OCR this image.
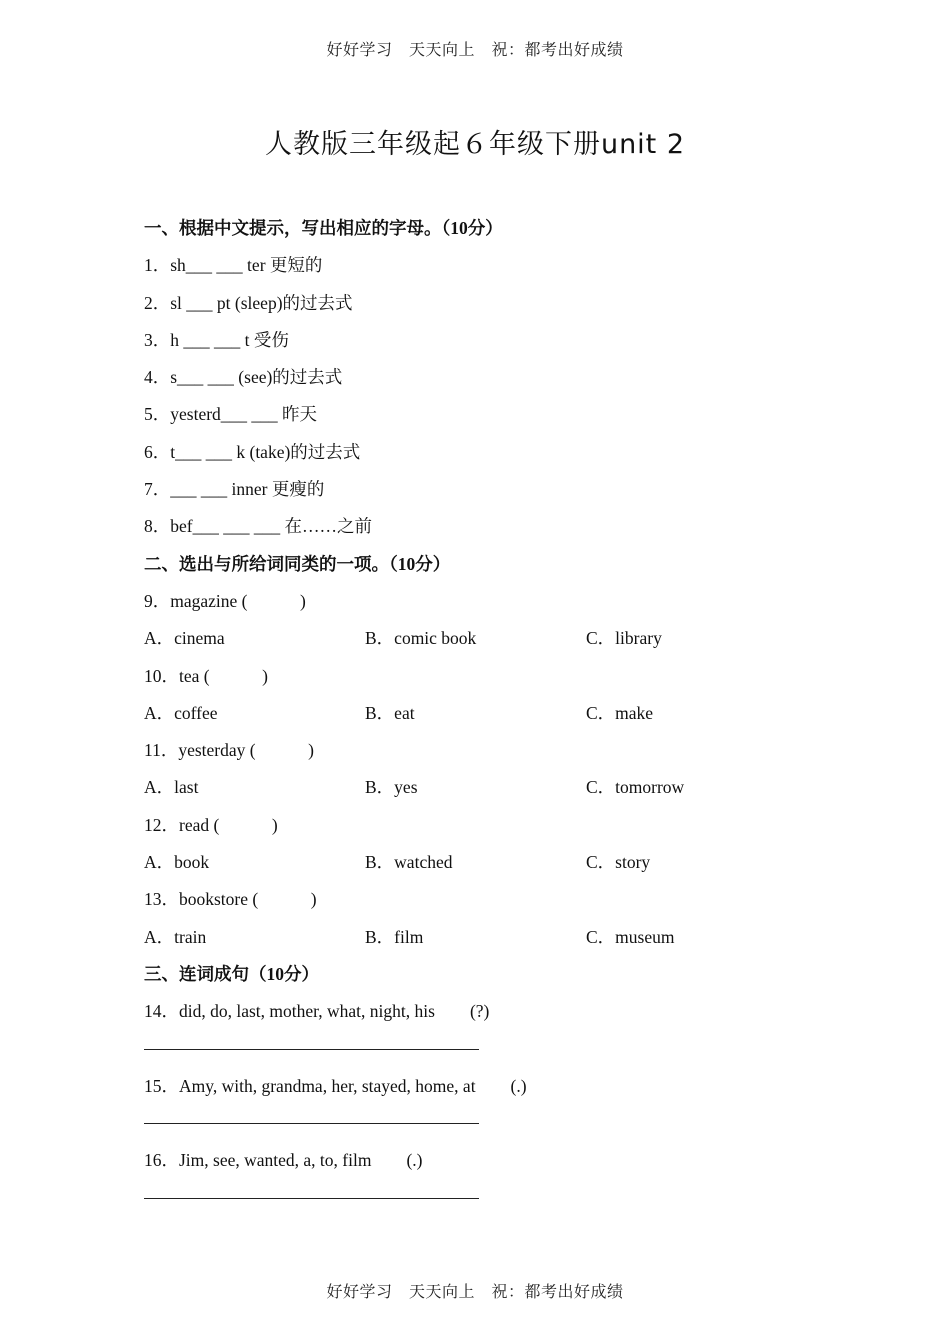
好好学习　天天向上　祝：都考出好成绩
人教版三年级起６年级下册unit 2
一、根据中文提示，写出相应的字母。（10分）
1．sh___ ___ ter 更短的
2．sl ___ pt (sleep)的过去式
3．h ___ ___ t 受伤
4．s___ ___ (see)的过去式
5．yesterd___ ___ 昨天
6．t___ ___ k (take)的过去式
7．___ ___ inner 更瘦的
8．bef___ ___ ___ 在……之前
二、选出与所给词同类的一项。（10分）
9．magazine (　　　)
A．cinema	B．comic book	C．library
10．tea (　　　)
A．coffee	B．eat	C．make
11．yesterday (　　　)
A．last	B．yes	C．tomorrow
12．read (　　　)
A．book	B．watched	C．story
13．bookstore (　　　)
A．train	B．film	C．museum
三、连词成句（10分）
14．did, do, last, mother, what, night, his　　(?)
15．Amy, with, grandma, her, stayed, home, at　　(.)
16．Jim, see, wanted, a, to, film　　(.)
好好学习　天天向上　祝：都考出好成绩
